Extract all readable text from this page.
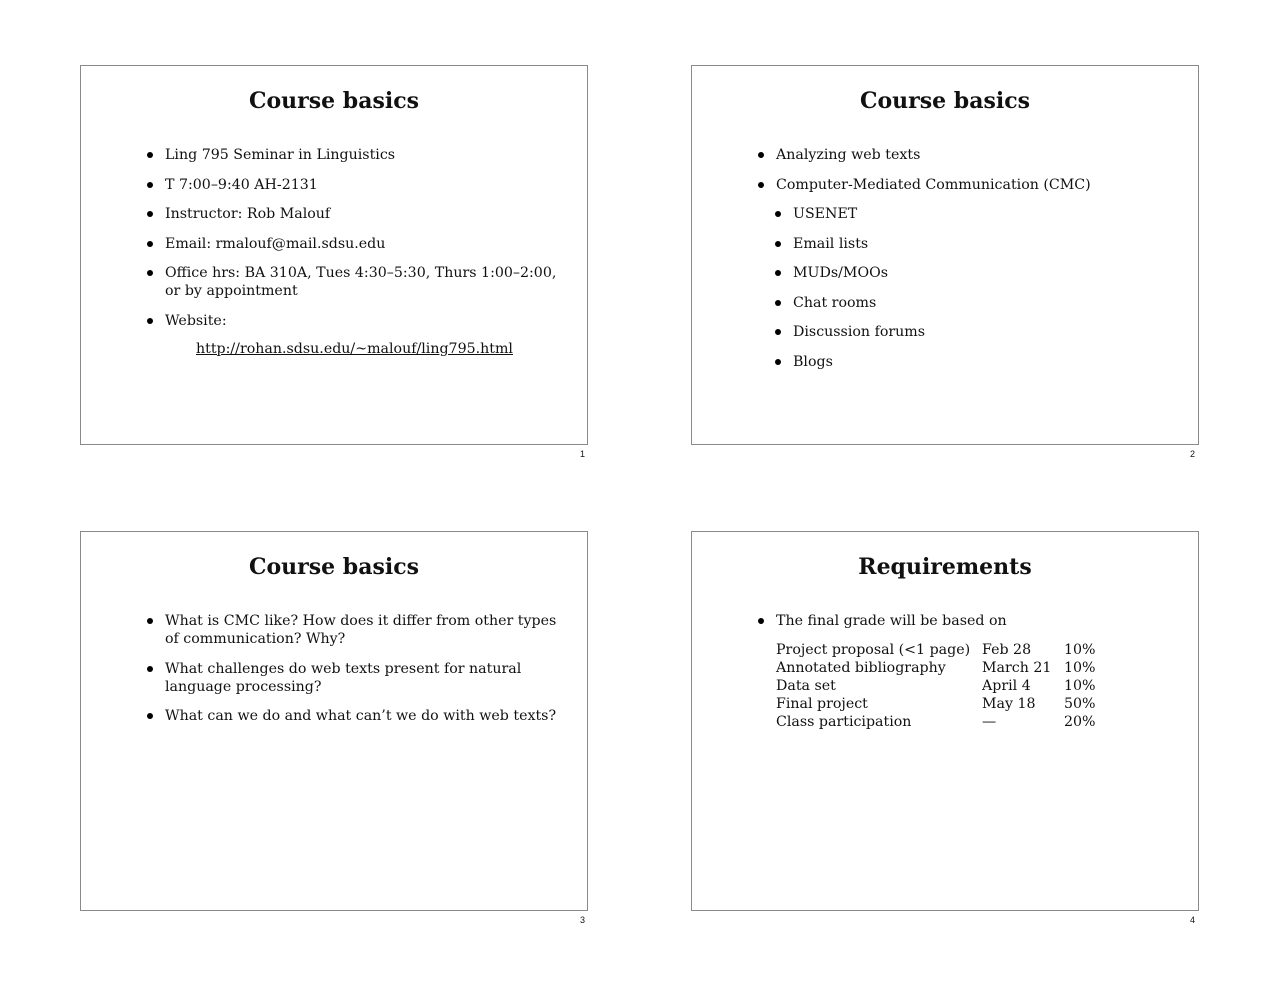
Course basics
Ling 795 Seminar in Linguistics
T 7:00–9:40 AH-2131
Instructor: Rob Malouf
Email: rmalouf@mail.sdsu.edu
Office hrs: BA 310A, Tues 4:30–5:30, Thurs 1:00–2:00, or by appointment
Website:
http://rohan.sdsu.edu/~malouf/ling795.html
1
Course basics
Analyzing web texts
Computer-Mediated Communication (CMC)
USENET
Email lists
MUDs/MOOs
Chat rooms
Discussion forums
Blogs
2
Course basics
What is CMC like? How does it differ from other types of communication? Why?
What challenges do web texts present for natural language processing?
What can we do and what can’t we do with web texts?
3
Requirements
The final grade will be based on
Project proposal (<1 page)	Feb 28	10%
Annotated bibliography	March 21	10%
Data set	April 4	10%
Final project	May 18	50%
Class participation	—	20%
4
